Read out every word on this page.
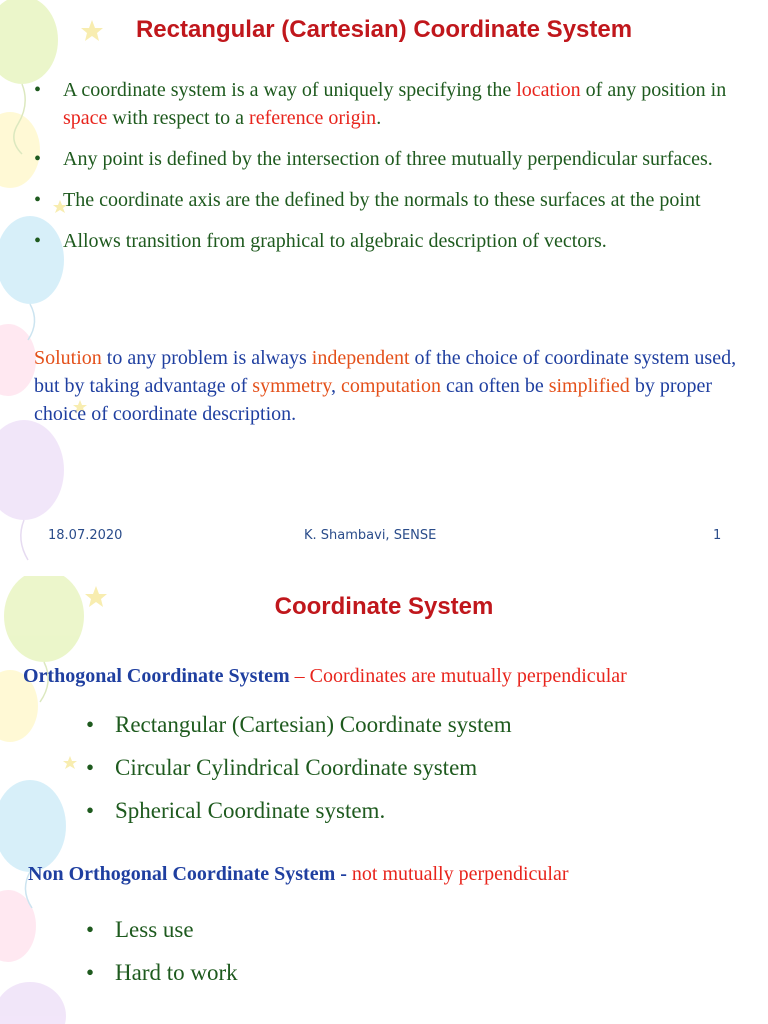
Rectangular (Cartesian) Coordinate System
• A coordinate system is a way of uniquely specifying the location of any position in space with respect to a reference origin.
• Any point is defined by the intersection of three mutually perpendicular surfaces.
• The coordinate axis are the defined by the normals to these surfaces at the point
• Allows transition from graphical to algebraic description of vectors.
Solution to any problem is always independent of the choice of coordinate system used, but by taking advantage of symmetry, computation can often be simplified by proper choice of coordinate description.
18.07.2020	K. Shambavi, SENSE	1
Coordinate System
Orthogonal Coordinate System – Coordinates are mutually perpendicular
• Rectangular (Cartesian) Coordinate system
• Circular Cylindrical Coordinate system
• Spherical Coordinate system.
Non Orthogonal Coordinate System - not mutually perpendicular
• Less use
• Hard to work
